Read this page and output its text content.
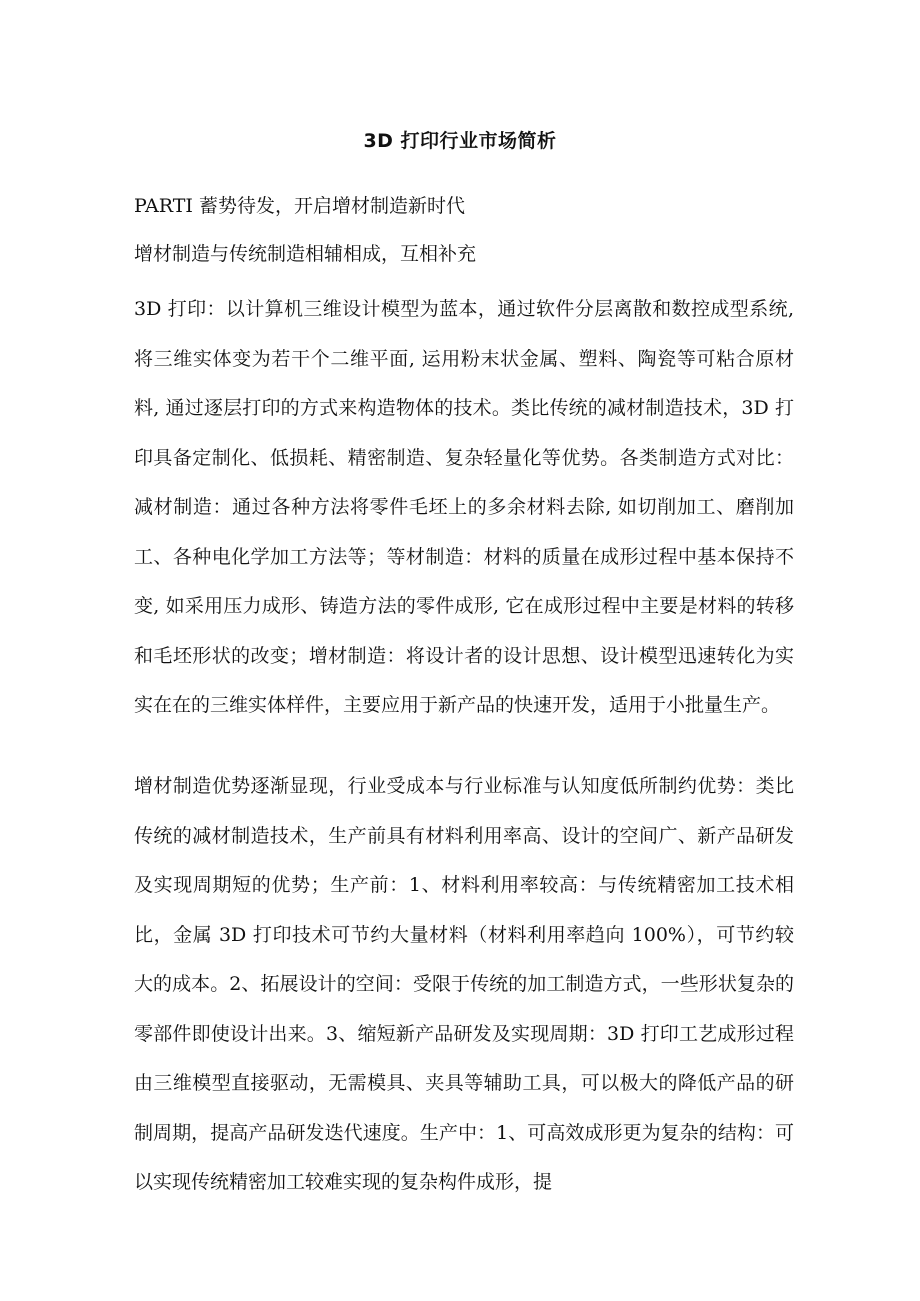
3D 打印行业市场简析
PARTI 蓄势待发，开启增材制造新时代
增材制造与传统制造相辅相成，互相补充
3D 打印：以计算机三维设计模型为蓝本，通过软件分层离散和数控成型系统, 将三维实体变为若干个二维平面, 运用粉末状金属、塑料、陶瓷等可粘合原材料, 通过逐层打印的方式来构造物体的技术。类比传统的减材制造技术，3D 打印具备定制化、低损耗、精密制造、复杂轻量化等优势。各类制造方式对比：减材制造：通过各种方法将零件毛坯上的多余材料去除, 如切削加工、磨削加工、各种电化学加工方法等；等材制造：材料的质量在成形过程中基本保持不变, 如采用压力成形、铸造方法的零件成形, 它在成形过程中主要是材料的转移和毛坯形状的改变；增材制造：将设计者的设计思想、设计模型迅速转化为实实在在的三维实体样件，主要应用于新产品的快速开发，适用于小批量生产。
增材制造优势逐渐显现，行业受成本与行业标准与认知度低所制约优势：类比传统的减材制造技术，生产前具有材料利用率高、设计的空间广、新产品研发及实现周期短的优势；生产前：1、材料利用率较高：与传统精密加工技术相比，金属 3D 打印技术可节约大量材料（材料利用率趋向 100%），可节约较大的成本。2、拓展设计的空间：受限于传统的加工制造方式，一些形状复杂的零部件即使设计出来。3、缩短新产品研发及实现周期：3D 打印工艺成形过程由三维模型直接驱动，无需模具、夹具等辅助工具，可以极大的降低产品的研制周期，提高产品研发迭代速度。生产中：1、可高效成形更为复杂的结构：可以实现传统精密加工较难实现的复杂构件成形，提
